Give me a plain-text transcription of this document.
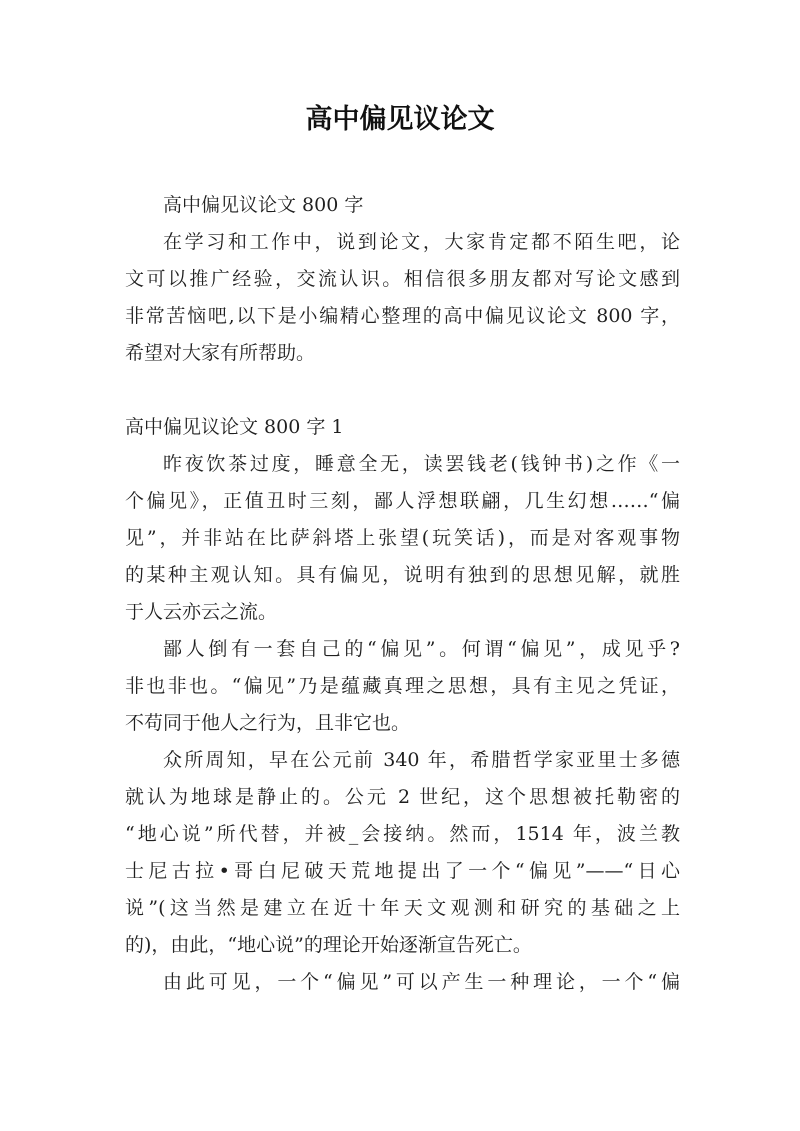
高中偏见议论文

高中偏见议论文 800 字

在学习和工作中，说到论文，大家肯定都不陌生吧，论

文可以推广经验，交流认识。相信很多朋友都对写论文感到

非常苦恼吧,以下是小编精心整理的高中偏见议论文 800 字，

希望对大家有所帮助。

高中偏见议论文 800 字 1

昨夜饮茶过度，睡意全无，读罢钱老(钱钟书)之作《一

个偏见》，正值丑时三刻，鄙人浮想联翩，几生幻想……“偏

见”，并非站在比萨斜塔上张望(玩笑话)，而是对客观事物

的某种主观认知。具有偏见，说明有独到的思想见解，就胜

于人云亦云之流。

鄙人倒有一套自己的“偏见”。何谓“偏见”，成见乎?

非也非也。“偏见”乃是蕴藏真理之思想，具有主见之凭证，

不苟同于他人之行为，且非它也。

众所周知，早在公元前 340 年，希腊哲学家亚里士多德

就认为地球是静止的。公元 2 世纪，这个思想被托勒密的

“地心说”所代替，并被_会接纳。然而，1514 年，波兰教

士尼古拉•哥白尼破天荒地提出了一个“偏见”——“日心

说”(这当然是建立在近十年天文观测和研究的基础之上

的)，由此，“地心说”的理论开始逐渐宣告死亡。

由此可见，一个“偏见”可以产生一种理论，一个“偏
